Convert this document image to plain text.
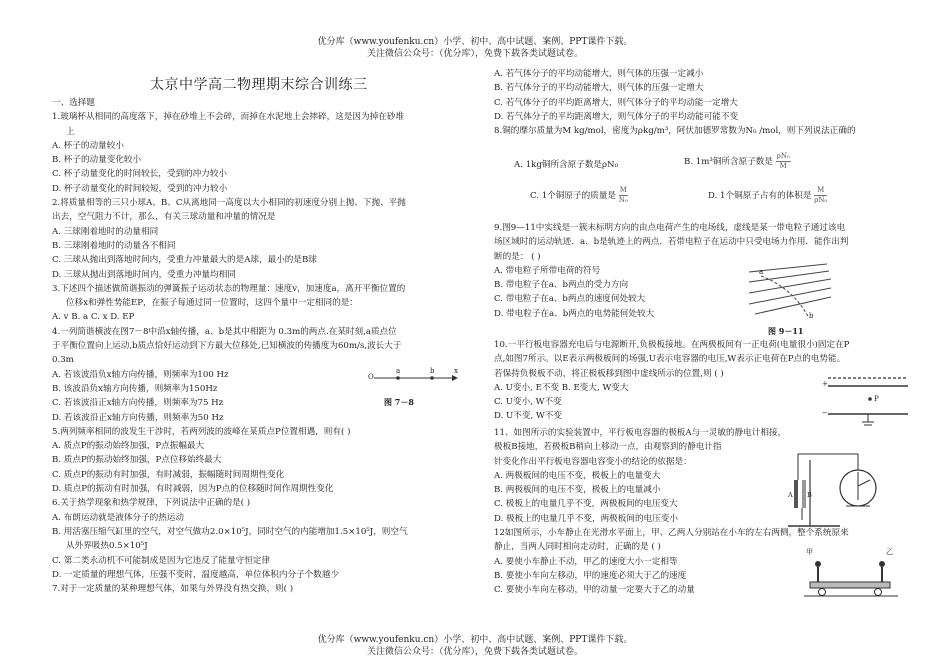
优分库（www.youfenku.cn）小学、初中、高中试题、案例、PPT课件下载。
关注微信公众号：（优分库），免费下载各类试题试卷。
太京中学高二物理期末综合训练三
一、选择题
1.玻璃杯从相同的高度落下，掉在砂堆上不会碎，而掉在水泥地上会摔碎，这是因为掉在砂堆
上
A. 杯子的动量较小
B. 杯子的动量变化较小
C. 杯子动量变化的时间较长，受到的冲力较小
D. 杯子动量变化的时间较短，受到的冲力较小
2.将质量相等的三只小球A、B、C从离地同一高度以大小相同的初速度分别上抛、下抛、平抛
出去，空气阻力不计，那么，有关三球动量和冲量的情况是
A. 三球刚着地时的动量相同
B. 三球刚着地时的动量各不相同
C. 三球从抛出到落地时间内，受重力冲量最大的是A球，最小的是B球
D. 三球从抛出到落地时间内，受重力冲量均相同
3.下述四个描述做简谐振动的弹簧振子运动状态的物理量：速度v，加速度a，离开平衡位置的
位移x和弹性势能EP，在振子每通过同一位置时，这四个量中一定相同的是：
A. v B. a C. x D. EP
4.一列简谐横波在图7－8中沿x轴传播，a、b是其中相距为 0.3m的两点.在某时刻,a质点位
于平衡位置向上运动,b质点恰好运动到下方最大位移处,已知横波的传播度为60m/s,波长大于
0.3m
A. 若该波沿负x轴方向传播，则频率为100 Hz
B. 该波沿负x轴方向传播，则频率为150Hz
C. 若该波沿正x轴方向传播，则频率为75 Hz
D. 若该波沿正x轴方向传播，则频率为50 Hz
5.两列频率相同的波发生干涉时，若两列波的波峰在某质点P位置相遇，则有( )
A. 质点P的振动始终加强，P点振幅最大
B. 质点P的振动始终加强，P点位移始终最大
C. 质点P的振动有时加强，有时减弱，振幅随时间周期性变化
D. 质点P的振动有时加强，有时减弱，因为P点的位移随时间作周期性变化
6.关于热学现象和热学规律，下列说法中正确的是( )
A. 布朗运动就是液体分子的热运动
B. 用活塞压缩气缸里的空气，对空气做功2.0×10⁵J，同时空气的内能增加1.5×10⁵J，则空气
从外界吸热0.5×10⁵J
C. 第二类永动机不可能制成是因为它违反了能量守恒定律
D. 一定质量的理想气体，压强不变时，温度越高，单位体积内分子个数越少
7.对于一定质量的某种理想气体，如果与外界没有热交换，则( )
A. 若气体分子的平均动能增大，则气体的压强一定减小
B. 若气体分子的平均动能增大，则气体的压强一定增大
C. 若气体分子的平均距离增大，则气体分子的平均动能一定增大
D. 若气体分子的平均距离增大，则气体分子的平均动能可能不变
8.铜的摩尔质量为M kg/mol，密度为ρkg/m³，阿伏加德罗常数为N₀ /mol，则下列说法正确的
A. 1kg铜所含原子数是ρN₀	B. 1m³铜所含原子数是 $\frac{\text{ρN₀}}{M}$
C. 1个铜原子的质量是 $\frac{M}{\text{N₀}}$	D. 1个铜原子占有的体积是 $\frac{M}{\text{ρN₀}}$
9.图9—11中实线是一簇未标明方向的由点电荷产生的电场线，虚线是某一带电粒子通过该电
场区域时的运动轨迹．a、b是轨迹上的两点．若带电粒子在运动中只受电场力作用．能作出判
断的是： ( )
A. 带电粒子所带电荷的符号
B. 带电粒子在a、b两点的受力方向
C. 带电粒子在a、b两点的速度何处较大
D. 带电粒子在a、b两点的电势能何处较大
10.一平行板电容器充电后与电源断开,负极板接地。在两极板间有一正电荷(电量很小)固定在P
点,如图7所示。以E表示两极板间的场强,U表示电容器的电压,W表示正电荷在P点的电势能。
若保持负极板不动，将正极板移到图中虚线所示的位置,则 ( )
A. U变小, E不变 B. E变大, W变大
C. U变小, W不变
D. U不变, W不变
11、如图所示的实验装置中，平行板电容器的极板A与一灵敏的静电计相接，
极板B接地，若极板B稍向上移动一点，由观察到的静电计指
针变化作出平行板电容器电容变小的结论的依据是：
A. 两极板间的电压不变，极板上的电量变大
B. 两极板间的电压不变，极板上的电量减小
C. 极板上的电量几乎不变，两极板间的电压变大
D. 极板上的电量几乎不变，两极板间的电压变小
12如图所示，小车静止在光滑水平面上，甲、乙两人分别站在小车的左右两侧，整个系统原来
静止，当两人同时相向走动时，正确的是 ( )
A. 要使小车静止不动，甲乙的速度大小一定相等
B. 要使小车向左移动，甲的速度必须大于乙的速度
C. 要使小车向左移动，甲的动量一定要大于乙的动量
O
a	b	x
图 7－8
a
b
图 9－11
+
P
−
A B
甲	乙
优分库（www.youfenku.cn）小学、初中、高中试题、案例、PPT课件下载。
关注微信公众号：（优分库），免费下载各类试题试卷。
